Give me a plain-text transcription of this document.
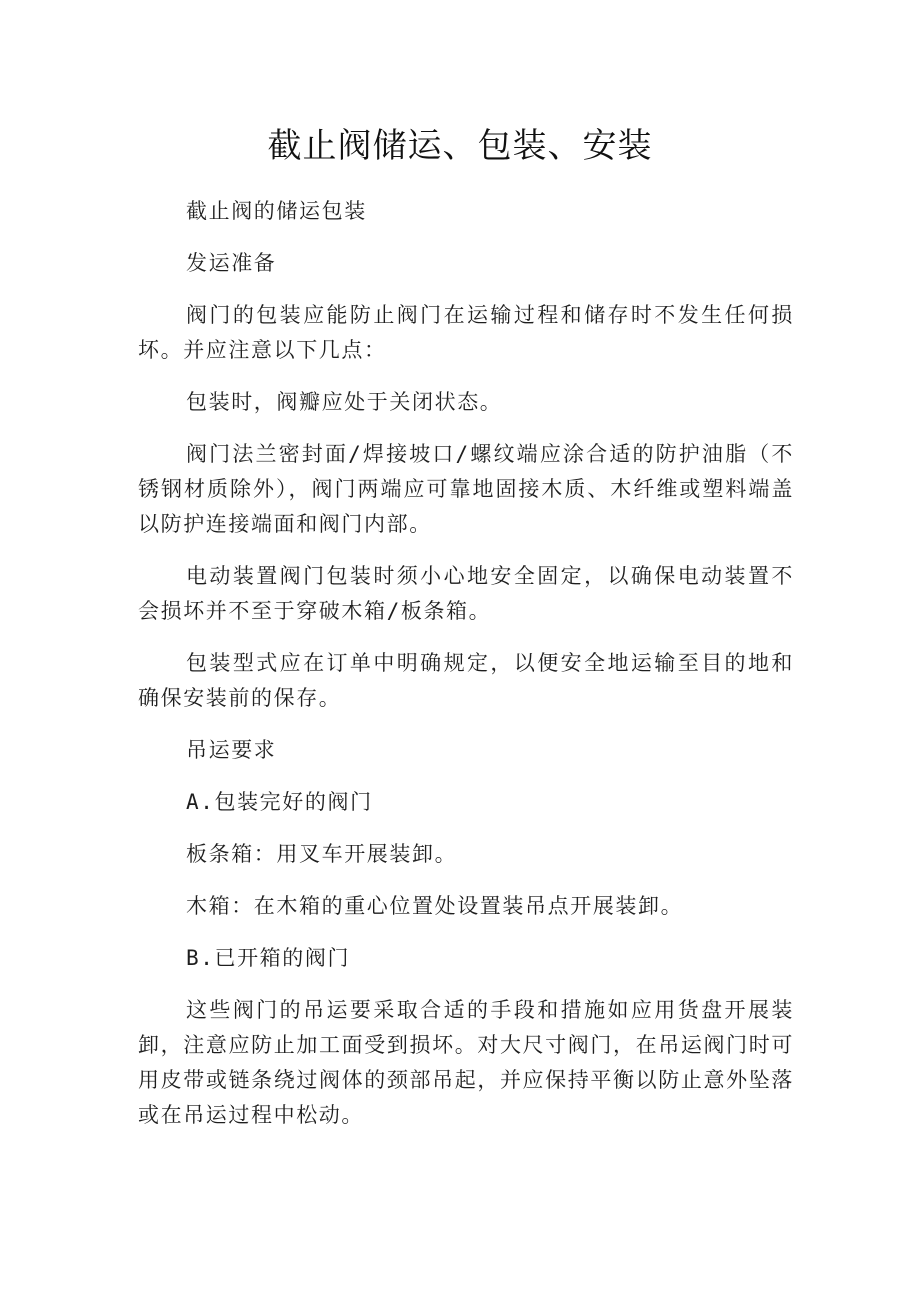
截止阀储运、包装、安装

截止阀的储运包装

发运准备

阀门的包装应能防止阀门在运输过程和储存时不发生任何损坏。并应注意以下几点：

包装时，阀瓣应处于关闭状态。

阀门法兰密封面/焊接坡口/螺纹端应涂合适的防护油脂（不锈钢材质除外），阀门两端应可靠地固接木质、木纤维或塑料端盖以防护连接端面和阀门内部。

电动装置阀门包装时须小心地安全固定，以确保电动装置不会损坏并不至于穿破木箱/板条箱。

包装型式应在订单中明确规定，以便安全地运输至目的地和确保安装前的保存。

吊运要求

A.包装完好的阀门

板条箱：用叉车开展装卸。

木箱：在木箱的重心位置处设置装吊点开展装卸。

B.已开箱的阀门

这些阀门的吊运要采取合适的手段和措施如应用货盘开展装卸，注意应防止加工面受到损坏。对大尺寸阀门，在吊运阀门时可用皮带或链条绕过阀体的颈部吊起，并应保持平衡以防止意外坠落或在吊运过程中松动。
